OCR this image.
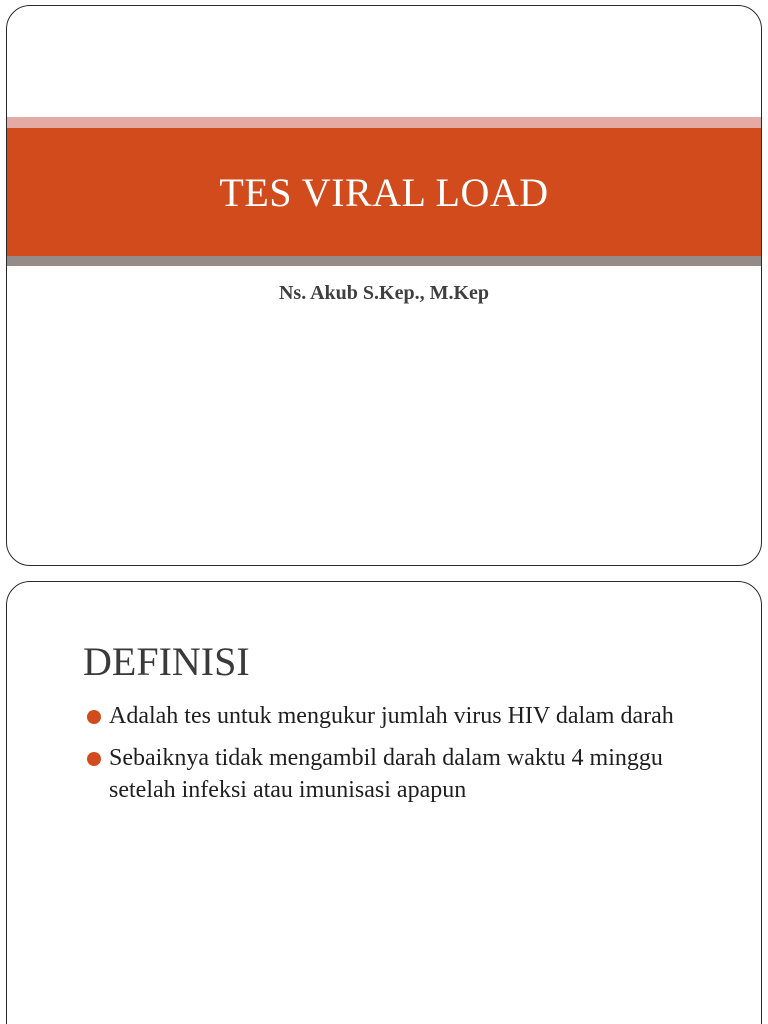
TES VIRAL LOAD
Ns. Akub S.Kep., M.Kep
DEFINISI
Adalah tes untuk mengukur jumlah virus HIV dalam darah
Sebaiknya tidak mengambil darah dalam waktu 4 minggu setelah infeksi atau imunisasi apapun
